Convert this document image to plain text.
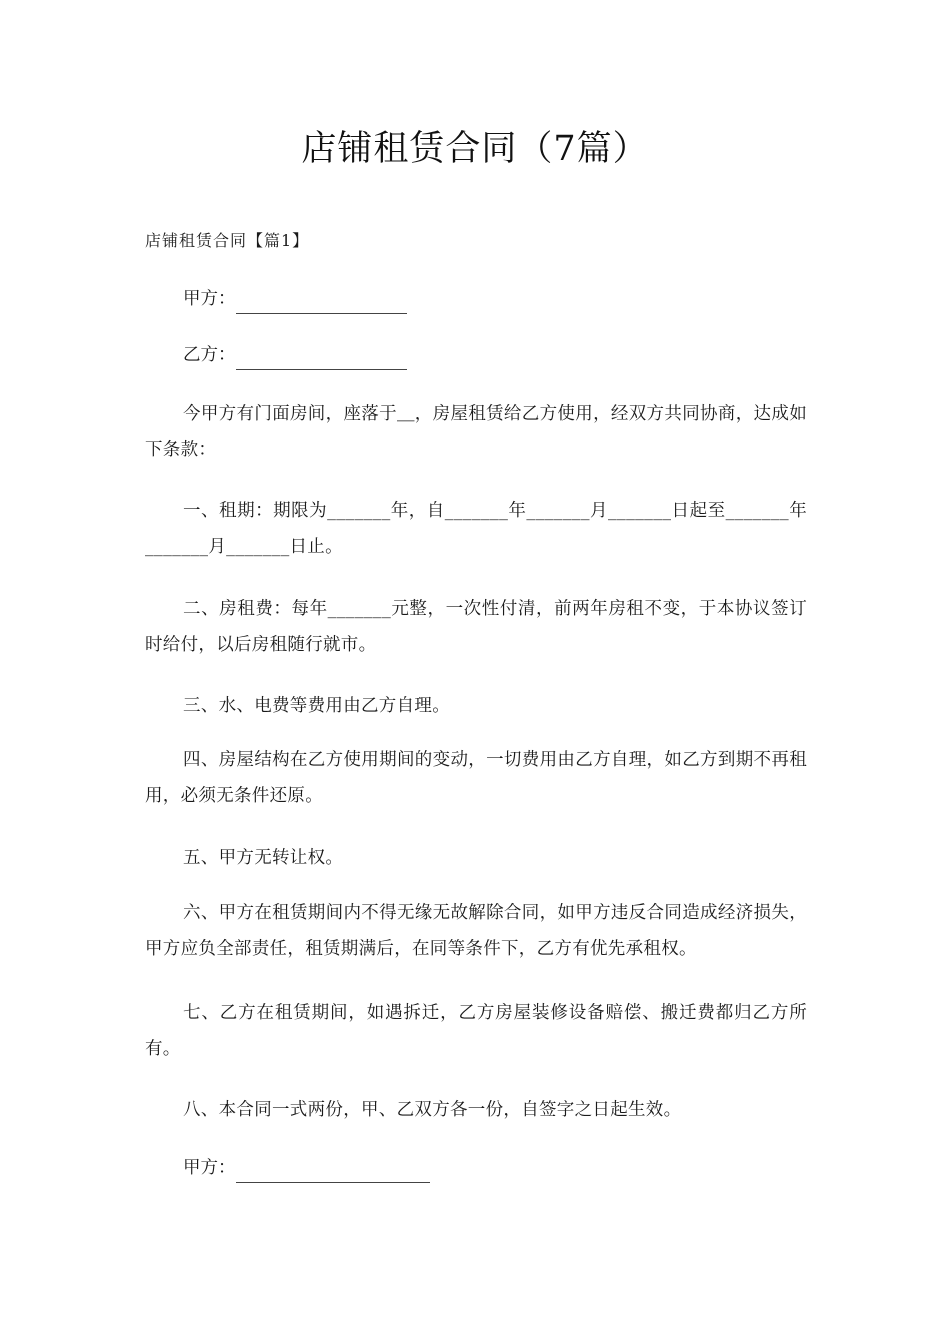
店铺租赁合同（7篇）
店铺租赁合同【篇1】
甲方：
乙方：
今甲方有门面房间，座落于＿，房屋租赁给乙方使用，经双方共同协商，达成如下条款：
一、租期：期限为_______年，自_______年_______月_______日起至_______年_______月_______日止。
二、房租费：每年_______元整，一次性付清，前两年房租不变，于本协议签订时给付，以后房租随行就市。
三、水、电费等费用由乙方自理。
四、房屋结构在乙方使用期间的变动，一切费用由乙方自理，如乙方到期不再租用，必须无条件还原。
五、甲方无转让权。
六、甲方在租赁期间内不得无缘无故解除合同，如甲方违反合同造成经济损失，甲方应负全部责任，租赁期满后，在同等条件下，乙方有优先承租权。
七、乙方在租赁期间，如遇拆迁，乙方房屋装修设备赔偿、搬迁费都归乙方所有。
八、本合同一式两份，甲、乙双方各一份，自签字之日起生效。
甲方：
